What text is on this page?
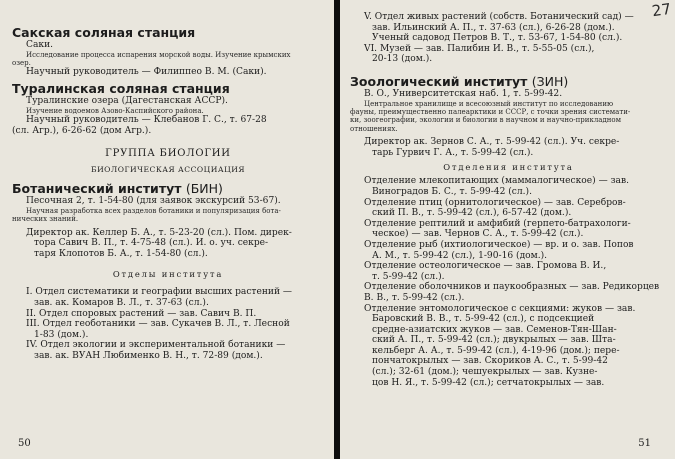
Сакская соляная станция
Саки.
Исследование процесса испарения морской воды. Изучение крымских
озер.
Научный руководитель — Филиппео В. М. (Саки).
Туралинская соляная станция
Туралинские озера (Дагестанская АССР).
Изучение водоемов Азово-Каспийского района.
Научный руководитель — Клебанов Г. С., т. 67-28
(сл. Агр.), 6-26-62 (дом Агр.).
ГРУППА БИОЛОГИИ
БИОЛОГИЧЕСКАЯ АССОЦИАЦИЯ
Ботанический институт (БИН)
Песочная 2, т. 1-54-80 (для заявок экскурсий 53-67).
Научная разработка всех разделов ботаники и популяризация бота-
нических знаний.
Директор ак. Келлер Б. А., т. 5-23-20 (сл.). Пом. дирек-
тора Савич В. П., т. 4-75-48 (сл.). И. о. уч. секре-
таря Клопотов Б. А., т. 1-54-80 (сл.).
Отделы института
I. Отдел систематики и географии высших растений —
зав. ак. Комаров В. Л., т. 37-63 (сл.).
II. Отдел споровых растений — зав. Савич В. П.
III. Отдел геоботаники — зав. Сукачев В. Л., т. Лесной
1-83 (дом.).
IV. Отдел экологии и экспериментальной ботаники —
зав. ак. ВУАН Любименко В. Н., т. 72-89 (дом.).
50
27
V. Отдел живых растений (собств. Ботанический сад) —
зав. Ильинский А. П., т. 37-63 (сл.), 6-26-28 (дом.).
Ученый садовод Петров В. Т., т. 53-67, 1-54-80 (сл.).
VI. Музей — зав. Палибин И. В., т. 5-55-05 (сл.),
20-13 (дом.).
Зоологический институт (ЗИН)
В. О., Университетская наб. 1, т. 5-99-42.
Центральное хранилище и всесоюзный институт по исследованию
фауны, преимущественно палеарктики и СССР, с точки зрения системати-
ки, зоогеографии, экологии и биологии в научном и научно-прикладном
отношениях.
Директор ак. Зернов С. А., т. 5-99-42 (сл.). Уч. секре-
тарь Гурвич Г. А., т. 5-99-42 (сл.).
Отделения института
Отделение млекопитающих (маммалогическое) — зав.
Виноградов Б. С., т. 5-99-42 (сл.).
Отделение птиц (орнитологическое) — зав. Серебров-
ский П. В., т. 5-99-42 (сл.), 6-57-42 (дом.).
Отделение рептилий и амфибий (герпето-батрахологи-
ческое) — зав. Чернов С. А., т. 5-99-42 (сл.).
Отделение рыб (ихтиологическое) — вр. и о. зав. Попов
А. М., т. 5-99-42 (сл.), 1-90-16 (дом.).
Отделение остеологическое — зав. Громова В. И.,
т. 5-99-42 (сл.).
Отделение оболочников и паукообразных — зав. Редикорцев В. В., т. 5-99-42 (сл.).
Отделение энтомологическое с секциями: жуков — зав.
Баровский В. В., т. 5-99-42 (сл.), с подсекцией
средне-азиатских жуков — зав. Семенов-Тян-Шан-
ский А. П., т. 5-99-42 (сл.); двукрылых — зав. Шта-
кельберг А. А., т. 5-99-42 (сл.), 4-19-96 (дом.); пере-
пончатокрылых — зав. Скориков А. С., т. 5-99-42
(сл.); 32-61 (дом.); чешуекрылых — зав. Кузне-
цов Н. Я., т. 5-99-42 (сл.); сетчатокрылых — зав.
51
